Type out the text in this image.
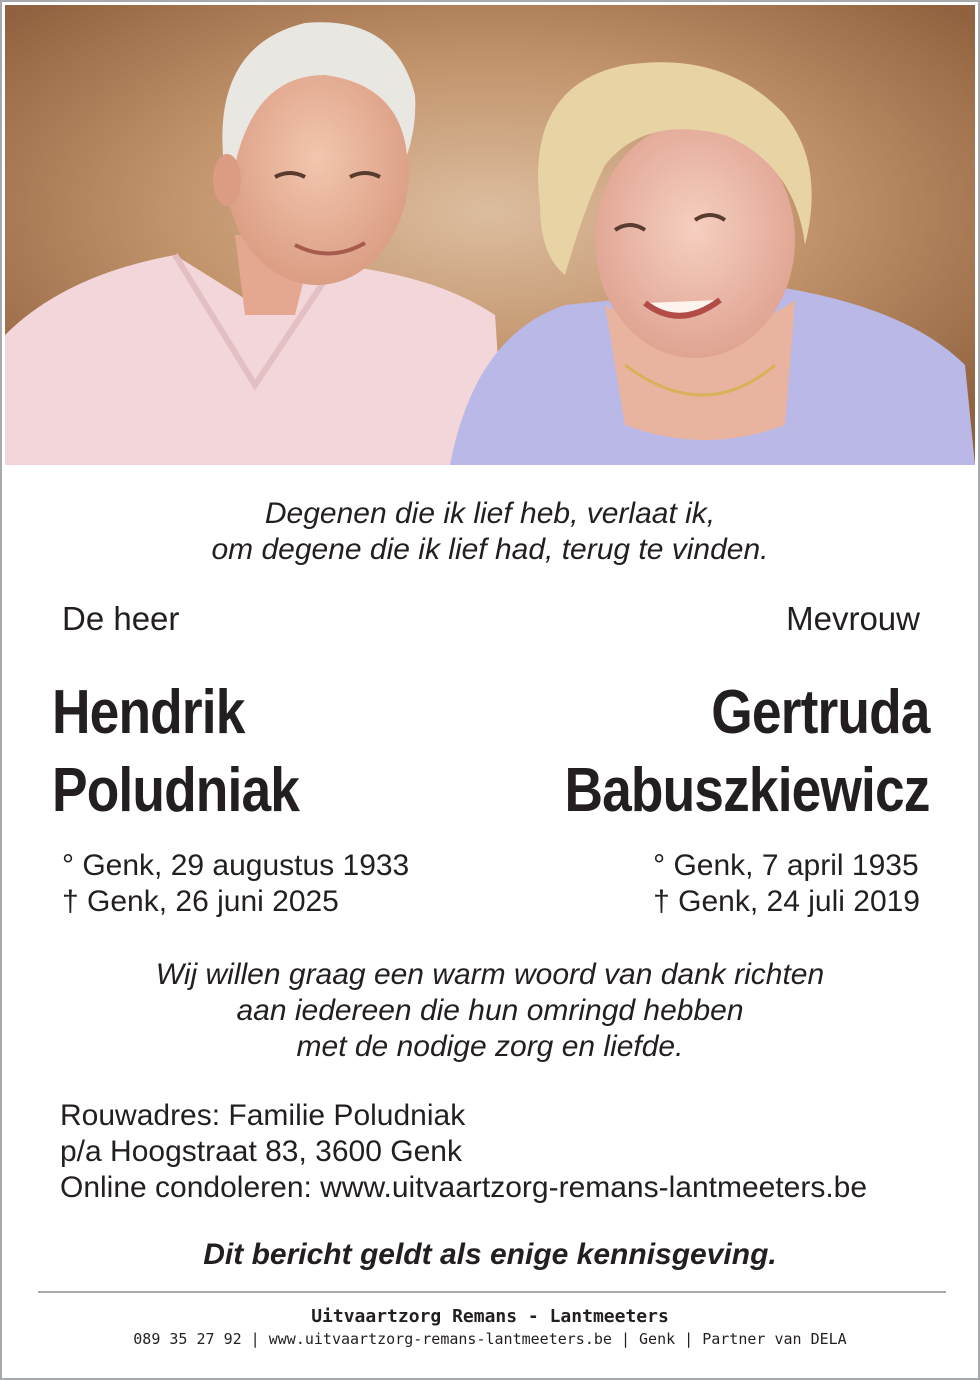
Degenen die ik lief heb, verlaat ik,
om degene die ik lief had, terug te vinden.
De heer	Mevrouw
Hendrik
Poludniak
Gertruda
Babuszkiewicz
° Genk, 29 augustus 1933
† Genk, 26 juni 2025
° Genk, 7 april 1935
† Genk, 24 juli 2019
Wij willen graag een warm woord van dank richten
aan iedereen die hun omringd hebben
met de nodige zorg en liefde.
Rouwadres: Familie Poludniak
p/a Hoogstraat 83, 3600 Genk
Online condoleren: www.uitvaartzorg-remans-lantmeeters.be
Dit bericht geldt als enige kennisgeving.
Uitvaartzorg Remans - Lantmeeters
089 35 27 92 | www.uitvaartzorg-remans-lantmeeters.be | Genk | Partner van DELA
